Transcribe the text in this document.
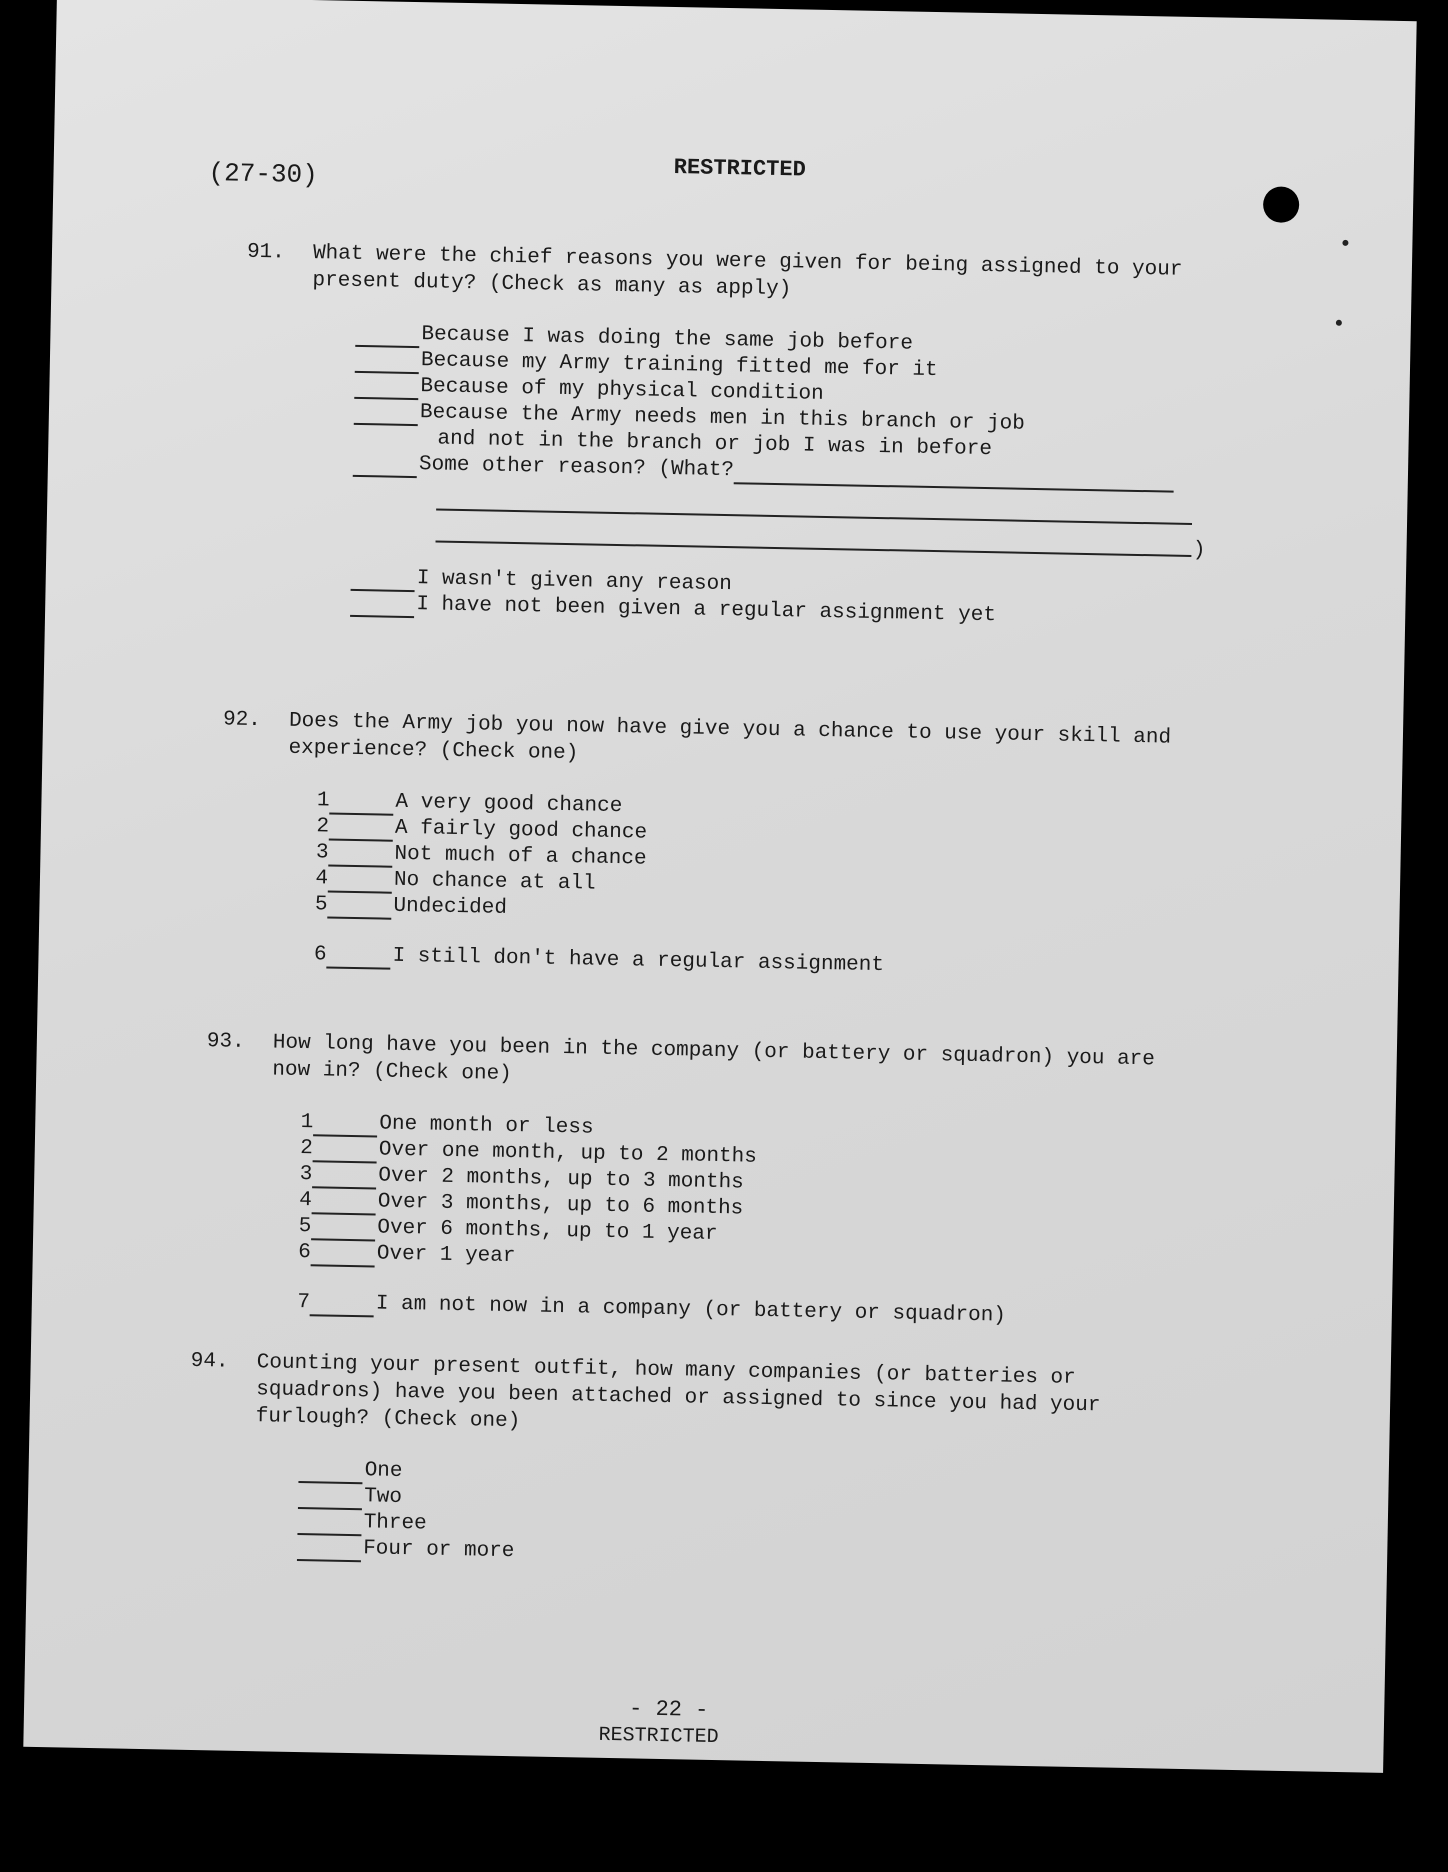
(27-30)	RESTRICTED
91. What were the chief reasons you were given for being assigned to your present duty? (Check as many as apply)
Because I was doing the same job before
Because my Army training fitted me for it
Because of my physical condition
Because the Army needs men in this branch or job
and not in the branch or job I was in before
Some other reason? (What?
)
I wasn't given any reason
I have not been given a regular assignment yet
92. Does the Army job you now have give you a chance to use your skill and experience? (Check one)
1	A very good chance
2	A fairly good chance
3	Not much of a chance
4	No chance at all
5	Undecided
6	I still don't have a regular assignment
93. How long have you been in the company (or battery or squadron) you are now in? (Check one)
1	One month or less
2	Over one month, up to 2 months
3	Over 2 months, up to 3 months
4	Over 3 months, up to 6 months
5	Over 6 months, up to 1 year
6	Over 1 year
7	I am not now in a company (or battery or squadron)
94. Counting your present outfit, how many companies (or batteries or squadrons) have you been attached or assigned to since you had your furlough? (Check one)
One
Two
Three
Four or more
- 22 -
RESTRICTED
